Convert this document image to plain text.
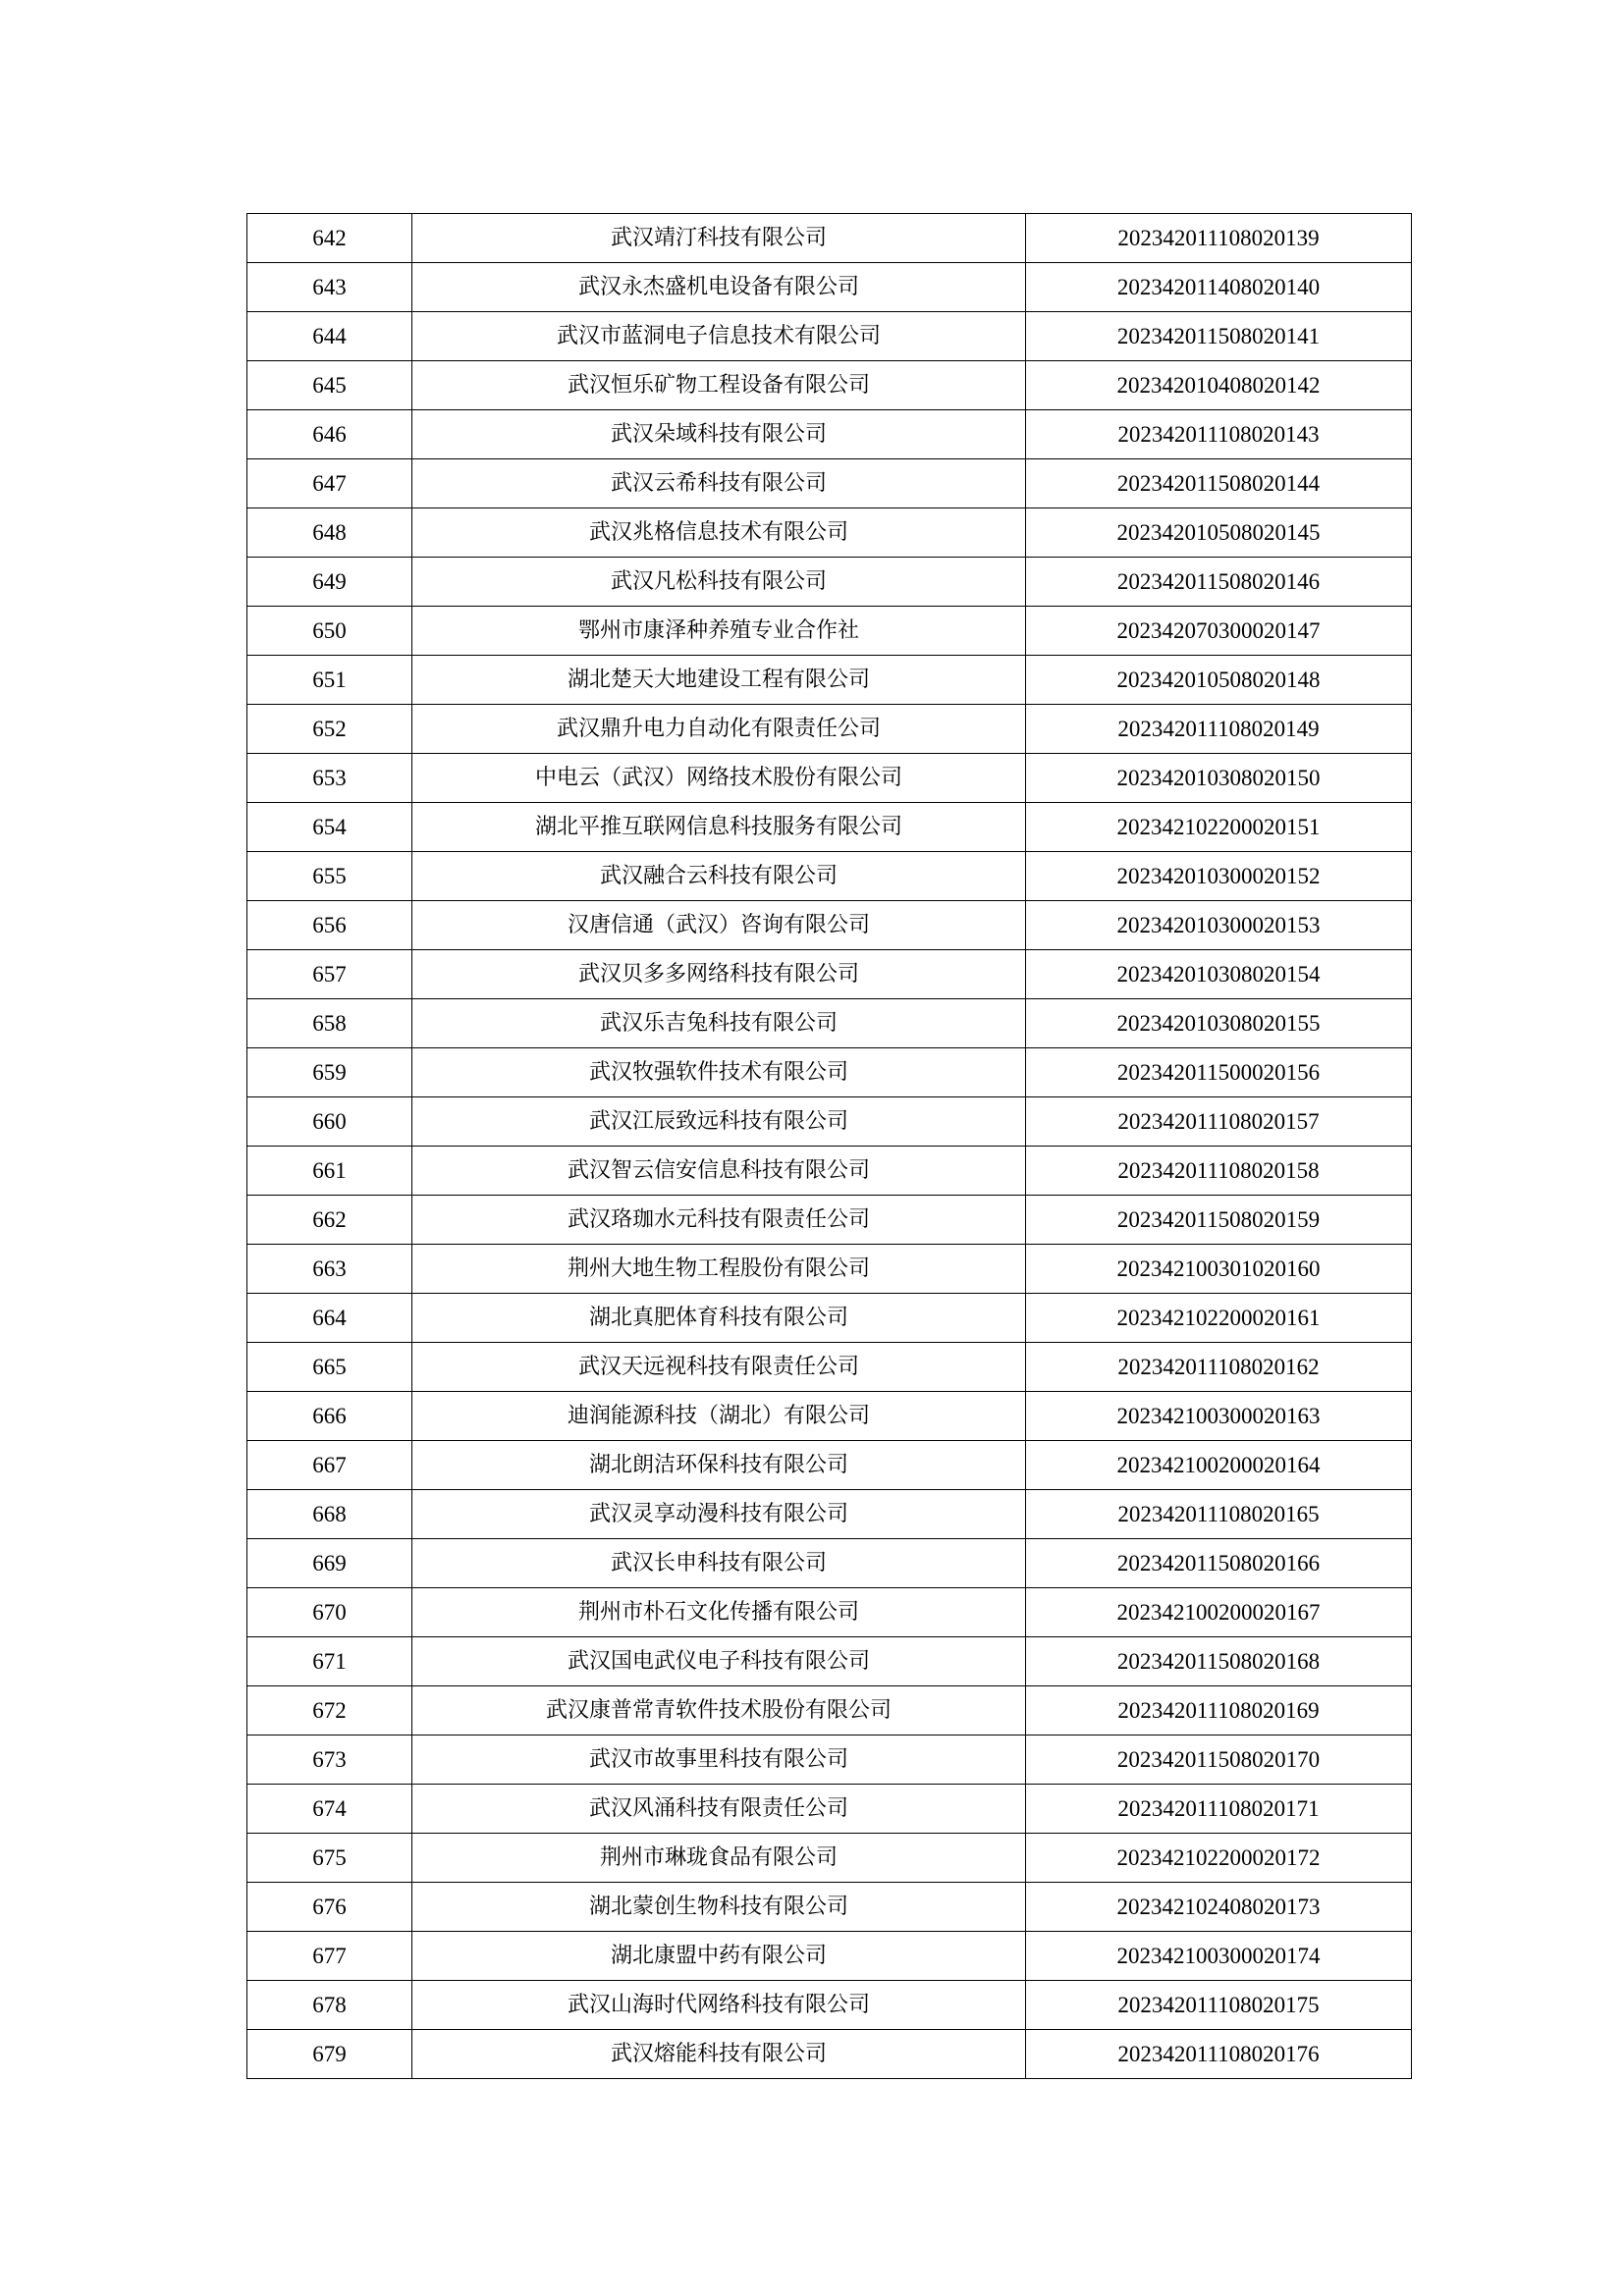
642	武汉靖汀科技有限公司	202342011108020139
643	武汉永杰盛机电设备有限公司	202342011408020140
644	武汉市蓝洞电子信息技术有限公司	202342011508020141
645	武汉恒乐矿物工程设备有限公司	202342010408020142
646	武汉朵域科技有限公司	202342011108020143
647	武汉云希科技有限公司	202342011508020144
648	武汉兆格信息技术有限公司	202342010508020145
649	武汉凡松科技有限公司	202342011508020146
650	鄂州市康泽种养殖专业合作社	202342070300020147
651	湖北楚天大地建设工程有限公司	202342010508020148
652	武汉鼎升电力自动化有限责任公司	202342011108020149
653	中电云（武汉）网络技术股份有限公司	202342010308020150
654	湖北平推互联网信息科技服务有限公司	202342102200020151
655	武汉融合云科技有限公司	202342010300020152
656	汉唐信通（武汉）咨询有限公司	202342010300020153
657	武汉贝多多网络科技有限公司	202342010308020154
658	武汉乐吉兔科技有限公司	202342010308020155
659	武汉牧强软件技术有限公司	202342011500020156
660	武汉江辰致远科技有限公司	202342011108020157
661	武汉智云信安信息科技有限公司	202342011108020158
662	武汉珞珈水元科技有限责任公司	202342011508020159
663	荆州大地生物工程股份有限公司	202342100301020160
664	湖北真肥体育科技有限公司	202342102200020161
665	武汉天远视科技有限责任公司	202342011108020162
666	迪润能源科技（湖北）有限公司	202342100300020163
667	湖北朗洁环保科技有限公司	202342100200020164
668	武汉灵享动漫科技有限公司	202342011108020165
669	武汉长申科技有限公司	202342011508020166
670	荆州市朴石文化传播有限公司	202342100200020167
671	武汉国电武仪电子科技有限公司	202342011508020168
672	武汉康普常青软件技术股份有限公司	202342011108020169
673	武汉市故事里科技有限公司	202342011508020170
674	武汉风涌科技有限责任公司	202342011108020171
675	荆州市琳珑食品有限公司	202342102200020172
676	湖北蒙创生物科技有限公司	202342102408020173
677	湖北康盟中药有限公司	202342100300020174
678	武汉山海时代网络科技有限公司	202342011108020175
679	武汉熔能科技有限公司	202342011108020176
